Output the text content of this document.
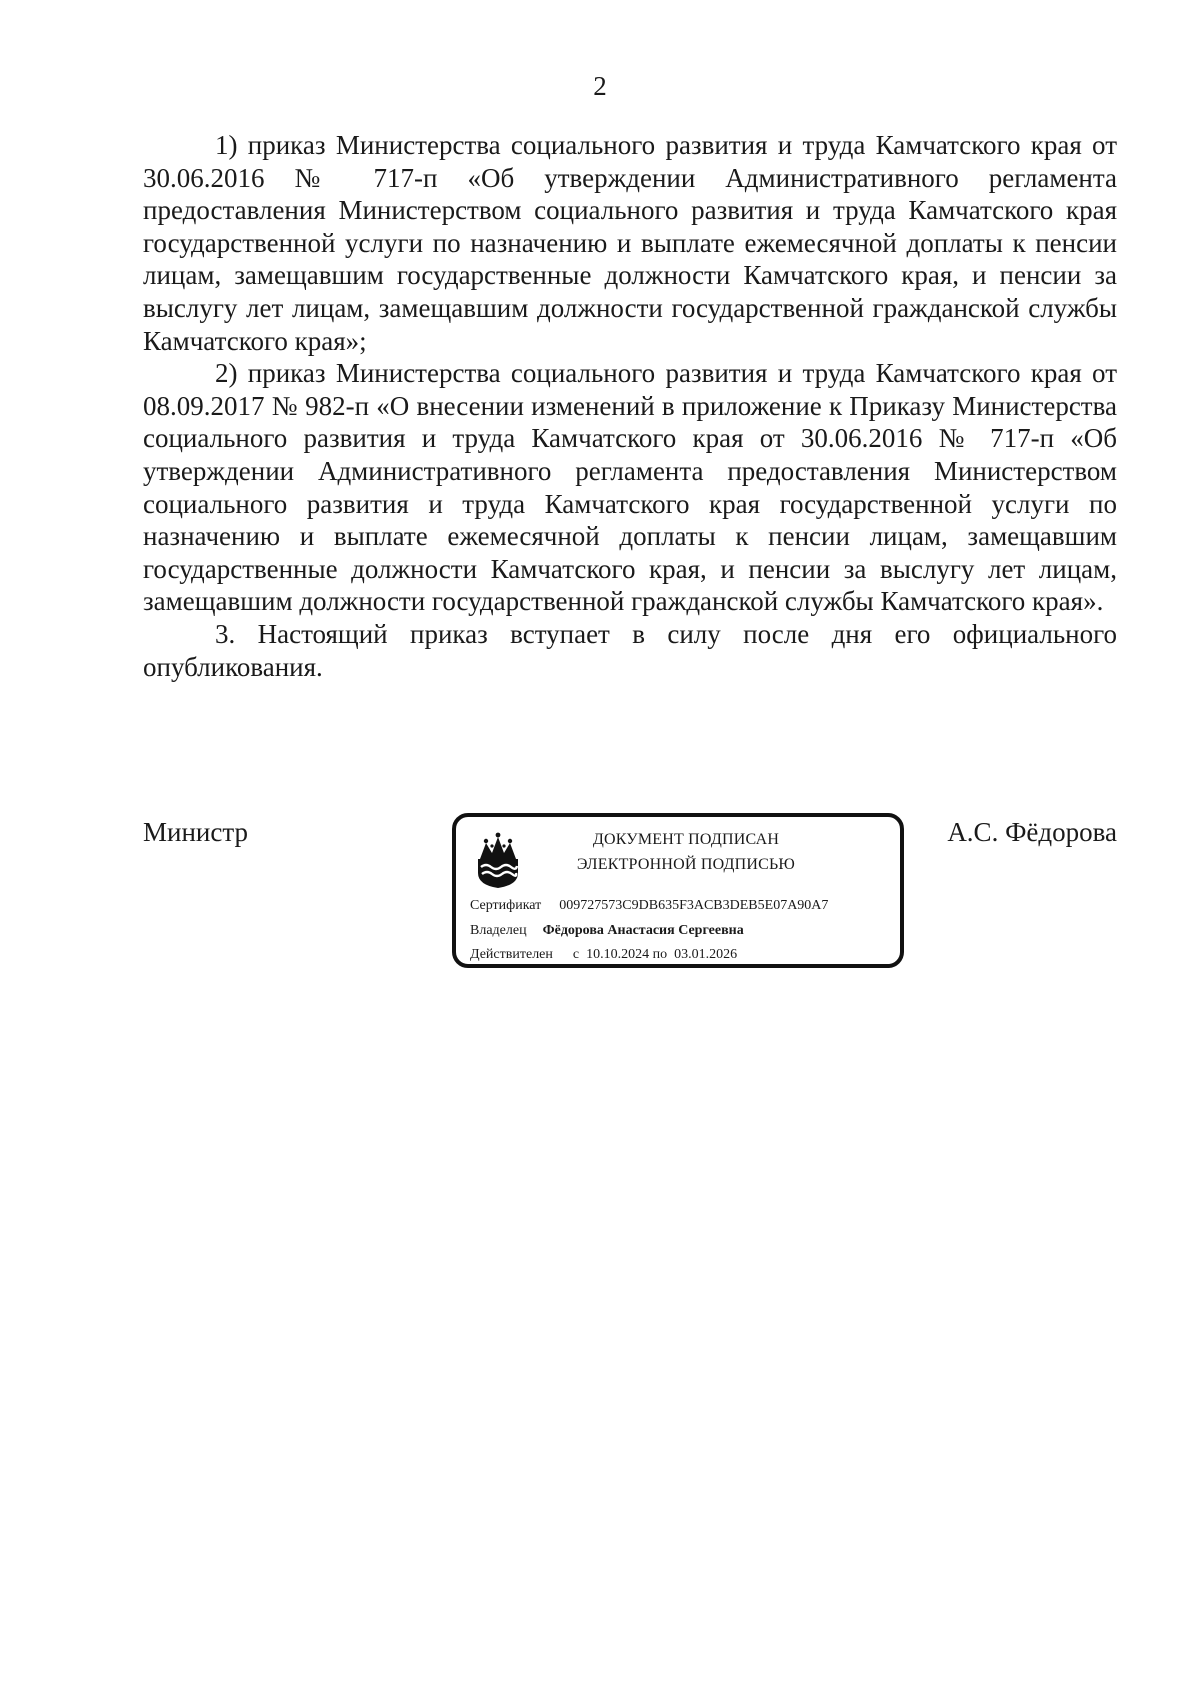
2

1) приказ Министерства социального развития и труда Камчатского края от 30.06.2016 № 717-п «Об утверждении Административного регламента предоставления Министерством социального развития и труда Камчатского края государственной услуги по назначению и выплате ежемесячной доплаты к пенсии лицам, замещавшим государственные должности Камчатского края, и пенсии за выслугу лет лицам, замещавшим должности государственной гражданской службы Камчатского края»;

2) приказ Министерства социального развития и труда Камчатского края от 08.09.2017 № 982-п «О внесении изменений в приложение к Приказу Министерства социального развития и труда Камчатского края от 30.06.2016 № 717-п «Об утверждении Административного регламента предоставления Министерством социального развития и труда Камчатского края государственной услуги по назначению и выплате ежемесячной доплаты к пенсии лицам, замещавшим государственные должности Камчатского края, и пенсии за выслугу лет лицам, замещавшим должности государственной гражданской службы Камчатского края».

3. Настоящий приказ вступает в силу после дня его официального опубликования.

Министр	А.С. Фёдорова
ДОКУМЕНТ ПОДПИСАН
ЭЛЕКТРОННОЙ ПОДПИСЬЮ
Сертификат 009727573C9DB635F3ACB3DEB5E07A90A7
Владелец Фёдорова Анастасия Сергеевна
Действителен с  10.10.2024 по  03.01.2026
